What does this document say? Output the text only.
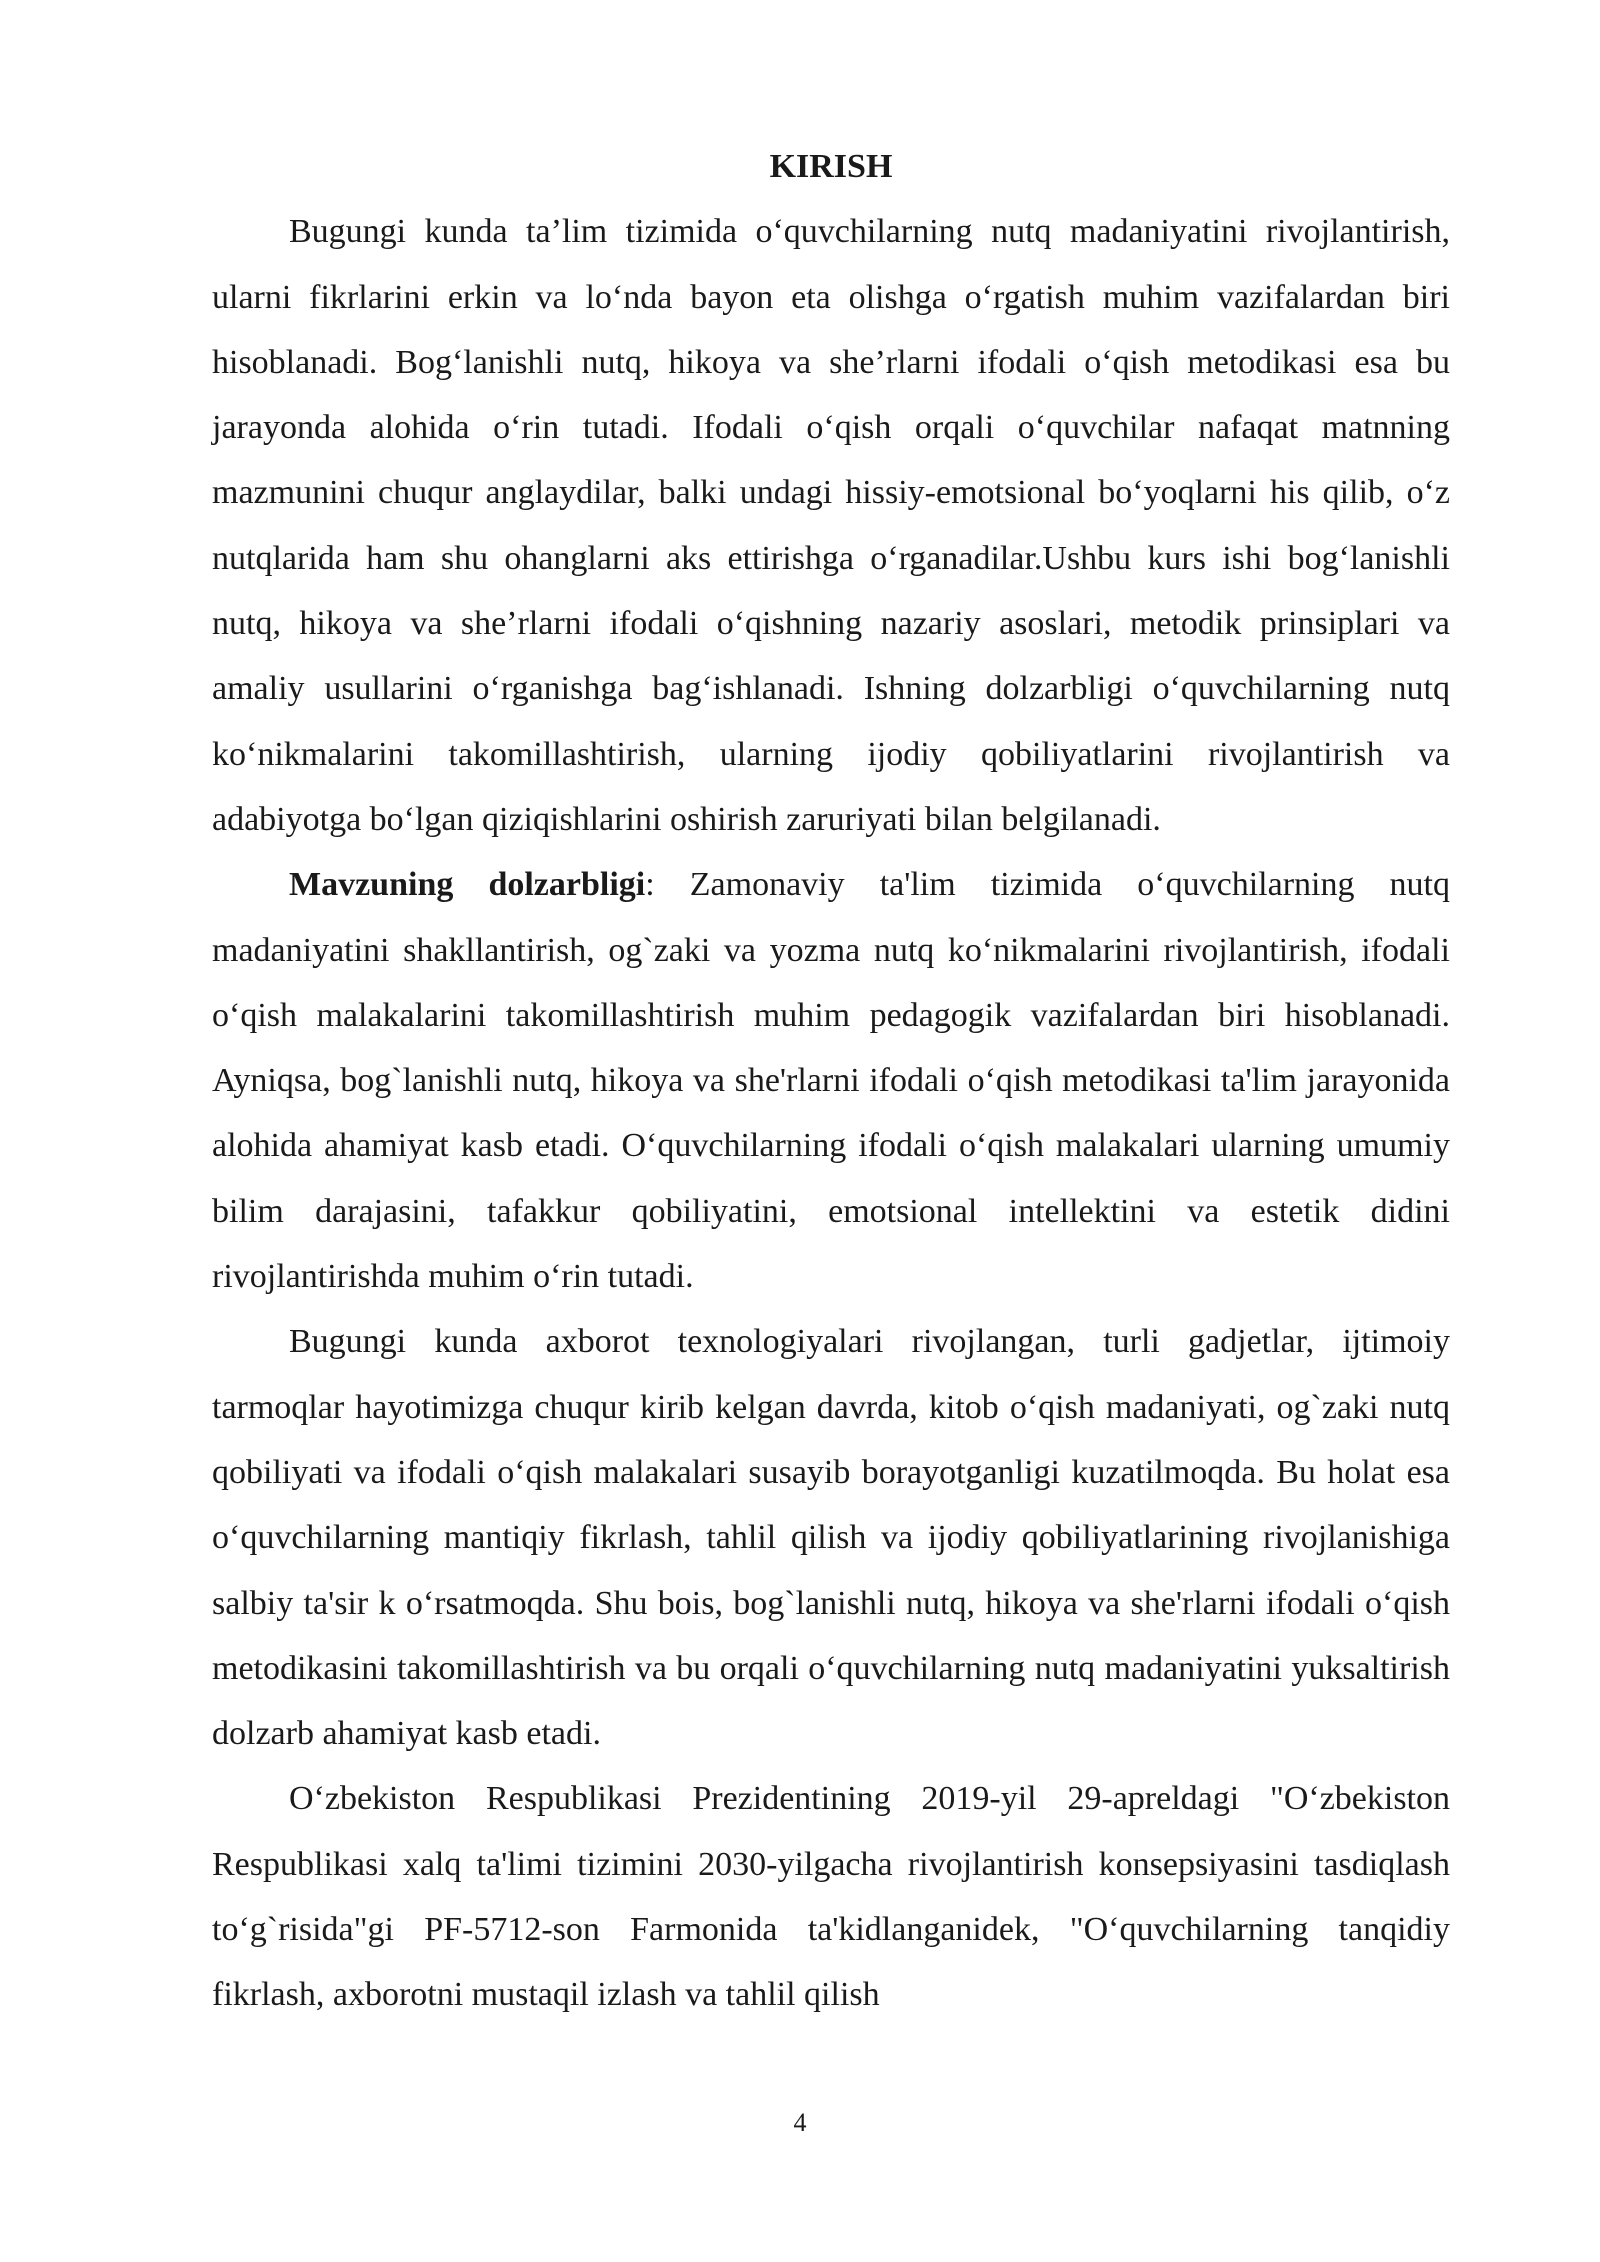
KIRISH

Bugungi kunda ta’lim tizimida o‘quvchilarning nutq madaniyatini rivojlantirish, ularni fikrlarini erkin va lo‘nda bayon eta olishga o‘rgatish muhim vazifalardan biri hisoblanadi. Bog‘lanishli nutq, hikoya va she’rlarni ifodali o‘qish metodikasi esa bu jarayonda alohida o‘rin tutadi. Ifodali o‘qish orqali o‘quvchilar nafaqat matnning mazmunini chuqur anglaydilar, balki undagi hissiy-emotsional bo‘yoqlarni his qilib, o‘z nutqlarida ham shu ohanglarni aks ettirishga o‘rganadilar.Ushbu kurs ishi bog‘lanishli nutq, hikoya va she’rlarni ifodali o‘qishning nazariy asoslari, metodik prinsiplari va amaliy usullarini o‘rganishga bag‘ishlanadi. Ishning dolzarbligi o‘quvchilarning nutq ko‘nikmalarini takomillashtirish, ularning ijodiy qobiliyatlarini rivojlantirish va adabiyotga bo‘lgan qiziqishlarini oshirish zaruriyati bilan belgilanadi.

Mavzuning dolzarbligi: Zamonaviy ta'lim tizimida o‘quvchilarning nutq madaniyatini shakllantirish, og`zaki va yozma nutq ko‘nikmalarini rivojlantirish, ifodali o‘qish malakalarini takomillashtirish muhim pedagogik vazifalardan biri hisoblanadi. Ayniqsa, bog`lanishli nutq, hikoya va she'rlarni ifodali o‘qish metodikasi ta'lim jarayonida alohida ahamiyat kasb etadi. O‘quvchilarning ifodali o‘qish malakalari ularning umumiy bilim darajasini, tafakkur qobiliyatini, emotsional intellektini va estetik didini rivojlantirishda muhim o‘rin tutadi.

Bugungi kunda axborot texnologiyalari rivojlangan, turli gadjetlar, ijtimoiy tarmoqlar hayotimizga chuqur kirib kelgan davrda, kitob o‘qish madaniyati, og`zaki nutq qobiliyati va ifodali o‘qish malakalari susayib borayotganligi kuzatilmoqda. Bu holat esa o‘quvchilarning mantiqiy fikrlash, tahlil qilish va ijodiy qobiliyatlarining rivojlanishiga salbiy ta'sir k o‘rsatmoqda. Shu bois, bog`lanishli nutq, hikoya va she'rlarni ifodali o‘qish metodikasini takomillashtirish va bu orqali o‘quvchilarning nutq madaniyatini yuksaltirish dolzarb ahamiyat kasb etadi.

O‘zbekiston Respublikasi Prezidentining 2019-yil 29-apreldagi "O‘zbekiston Respublikasi xalq ta'limi tizimini 2030-yilgacha rivojlantirish konsepsiyasini tasdiqlash to‘g`risida"gi PF-5712-son Farmonida ta'kidlanganidek, "O‘quvchilarning tanqidiy fikrlash, axborotni mustaqil izlash va tahlil qilish

4
